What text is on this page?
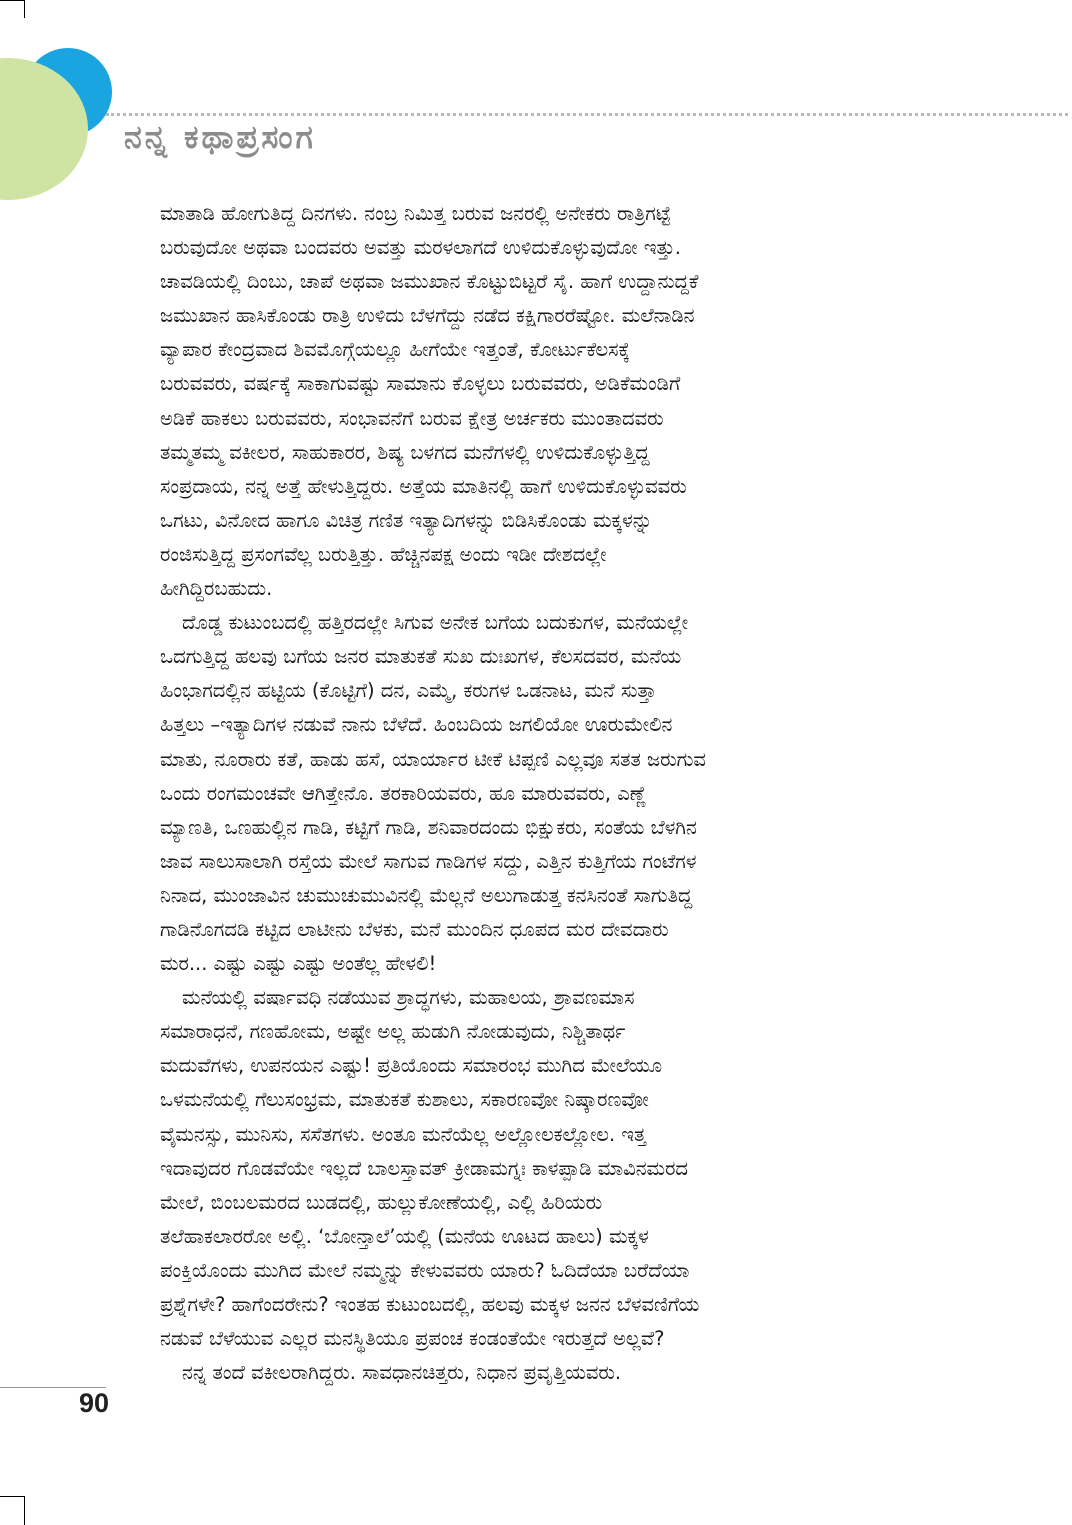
ನನ್ನ ಕಥಾಪ್ರಸಂಗ
ಮಾತಾಡಿ ಹೋಗುತಿದ್ದ ದಿನಗಳು. ನಂಬ್ರ ನಿಮಿತ್ತ ಬರುವ ಜನರಲ್ಲಿ ಅನೇಕರು ರಾತ್ರಿಗಟ್ಟೆ
ಬರುವುದೋ ಅಥವಾ ಬಂದವರು ಅವತ್ತು ಮರಳಲಾಗದೆ ಉಳಿದುಕೊಳ್ಳುವುದೋ ಇತ್ತು.
ಚಾವಡಿಯಲ್ಲಿ ದಿಂಬು, ಚಾಪೆ ಅಥವಾ ಜಮುಖಾನ ಕೊಟ್ಟುಬಿಟ್ಟರೆ ಸೈ. ಹಾಗೆ ಉದ್ದಾನುದ್ದಕೆ
ಜಮುಖಾನ ಹಾಸಿಕೊಂಡು ರಾತ್ರಿ ಉಳಿದು ಬೆಳಗೆದ್ದು ನಡೆದ ಕಕ್ಷಿಗಾರರೆಷ್ಟೋ. ಮಲೆನಾಡಿನ
ವ್ಯಾಪಾರ ಕೇಂದ್ರವಾದ ಶಿವಮೊಗ್ಗೆಯಲ್ಲೂ ಹೀಗೆಯೇ ಇತ್ತಂತೆ, ಕೋರ್ಟುಕೆಲಸಕ್ಕೆ
ಬರುವವರು, ವರ್ಷಕ್ಕೆ ಸಾಕಾಗುವಷ್ಟು ಸಾಮಾನು ಕೊಳ್ಳಲು ಬರುವವರು, ಅಡಿಕೆಮಂಡಿಗೆ
ಅಡಿಕೆ ಹಾಕಲು ಬರುವವರು, ಸಂಭಾವನೆಗೆ ಬರುವ ಕ್ಷೇತ್ರ ಅರ್ಚಕರು ಮುಂತಾದವರು
ತಮ್ಮತಮ್ಮ ವಕೀಲರ, ಸಾಹುಕಾರರ, ಶಿಷ್ಯ ಬಳಗದ ಮನೆಗಳಲ್ಲಿ ಉಳಿದುಕೊಳ್ಳುತ್ತಿದ್ದ
ಸಂಪ್ರದಾಯ, ನನ್ನ ಅತ್ತೆ ಹೇಳುತ್ತಿದ್ದರು. ಅತ್ತೆಯ ಮಾತಿನಲ್ಲಿ ಹಾಗೆ ಉಳಿದುಕೊಳ್ಳುವವರು
ಒಗಟು, ವಿನೋದ ಹಾಗೂ ವಿಚಿತ್ರ ಗಣಿತ ಇತ್ಯಾದಿಗಳನ್ನು ಬಿಡಿಸಿಕೊಂಡು ಮಕ್ಕಳನ್ನು
ರಂಜಿಸುತ್ತಿದ್ದ ಪ್ರಸಂಗವೆಲ್ಲ ಬರುತ್ತಿತ್ತು. ಹೆಚ್ಚಿನಪಕ್ಷ ಅಂದು ಇಡೀ ದೇಶದಲ್ಲೇ
ಹೀಗಿದ್ದಿರಬಹುದು.
ದೊಡ್ಡ ಕುಟುಂಬದಲ್ಲಿ ಹತ್ತಿರದಲ್ಲೇ ಸಿಗುವ ಅನೇಕ ಬಗೆಯ ಬದುಕುಗಳ, ಮನೆಯಲ್ಲೇ
ಒದಗುತ್ತಿದ್ದ ಹಲವು ಬಗೆಯ ಜನರ ಮಾತುಕತೆ ಸುಖ ದುಃಖಗಳ, ಕೆಲಸದವರ, ಮನೆಯ
ಹಿಂಭಾಗದಲ್ಲಿನ ಹಟ್ಟಿಯ (ಕೊಟ್ಟಿಗೆ) ದನ, ಎಮ್ಮೆ, ಕರುಗಳ ಒಡನಾಟ, ಮನೆ ಸುತ್ತಾ
ಹಿತ್ತಲು –ಇತ್ಯಾದಿಗಳ ನಡುವೆ ನಾನು ಬೆಳೆದೆ. ಹಿಂಬದಿಯ ಜಗಲಿಯೋ ಊರುಮೇಲಿನ
ಮಾತು, ನೂರಾರು ಕತೆ, ಹಾಡು ಹಸೆ, ಯಾರ್ಯಾರ ಟೀಕೆ ಟಿಪ್ಪಣಿ ಎಲ್ಲವೂ ಸತತ ಜರುಗುವ
ಒಂದು ರಂಗಮಂಚವೇ ಆಗಿತ್ತೇನೊ. ತರಕಾರಿಯವರು, ಹೂ ಮಾರುವವರು, ಎಣ್ಣೆ
ಮ್ಯಾಣತಿ, ಒಣಹುಲ್ಲಿನ ಗಾಡಿ, ಕಟ್ಟಿಗೆ ಗಾಡಿ, ಶನಿವಾರದಂದು ಭಿಕ್ಷುಕರು, ಸಂತೆಯ ಬೆಳಗಿನ
ಜಾವ ಸಾಲುಸಾಲಾಗಿ ರಸ್ತೆಯ ಮೇಲೆ ಸಾಗುವ ಗಾಡಿಗಳ ಸದ್ದು, ಎತ್ತಿನ ಕುತ್ತಿಗೆಯ ಗಂಟೆಗಳ
ನಿನಾದ, ಮುಂಜಾವಿನ ಚುಮುಚುಮುವಿನಲ್ಲಿ ಮೆಲ್ಲನೆ ಅಲುಗಾಡುತ್ತ ಕನಸಿನಂತೆ ಸಾಗುತಿದ್ದ
ಗಾಡಿನೊಗದಡಿ ಕಟ್ಟಿದ ಲಾಟೀನು ಬೆಳಕು, ಮನೆ ಮುಂದಿನ ಧೂಪದ ಮರ ದೇವದಾರು
ಮರ... ಎಷ್ಟು ಎಷ್ಟು ಎಷ್ಟು ಅಂತೆಲ್ಲ ಹೇಳಲಿ!
ಮನೆಯಲ್ಲಿ ವರ್ಷಾವಧಿ ನಡೆಯುವ ಶ್ರಾದ್ಧಗಳು, ಮಹಾಲಯ, ಶ್ರಾವಣಮಾಸ
ಸಮಾರಾಧನೆ, ಗಣಹೋಮ, ಅಷ್ಟೇ ಅಲ್ಲ ಹುಡುಗಿ ನೋಡುವುದು, ನಿಶ್ಚಿತಾರ್ಥ
ಮದುವೆಗಳು, ಉಪನಯನ ಎಷ್ಟು! ಪ್ರತಿಯೊಂದು ಸಮಾರಂಭ ಮುಗಿದ ಮೇಲೆಯೂ
ಒಳಮನೆಯಲ್ಲಿ ಗೆಲುಸಂಭ್ರಮ, ಮಾತುಕತೆ ಕುಶಾಲು, ಸಕಾರಣವೋ ನಿಷ್ಕಾರಣವೋ
ವೈಮನಸ್ಸು, ಮುನಿಸು, ಸಸೆತಗಳು. ಅಂತೂ ಮನೆಯೆಲ್ಲ ಅಲ್ಲೋಲಕಲ್ಲೋಲ. ಇತ್ತ
ಇದಾವುದರ ಗೊಡವೆಯೇ ಇಲ್ಲದೆ ಬಾಲಸ್ತಾವತ್ ಕ್ರೀಡಾಮಗ್ನಃ ಕಾಳಪ್ಪಾಡಿ ಮಾವಿನಮರದ
ಮೇಲೆ, ಬಿಂಬಲಮರದ ಬುಡದಲ್ಲಿ, ಹುಲ್ಲುಕೋಣೆಯಲ್ಲಿ, ಎಲ್ಲಿ ಹಿರಿಯರು
ತಲೆಹಾಕಲಾರರೋ ಅಲ್ಲಿ. ‘ಬೋನ್ತಾಲೆ’ಯಲ್ಲಿ (ಮನೆಯ ಊಟದ ಹಾಲು) ಮಕ್ಕಳ
ಪಂಕ್ತಿಯೊಂದು ಮುಗಿದ ಮೇಲೆ ನಮ್ಮನ್ನು ಕೇಳುವವರು ಯಾರು? ಓದಿದೆಯಾ ಬರೆದೆಯಾ
ಪ್ರಶ್ನೆಗಳೇ? ಹಾಗೆಂದರೇನು? ಇಂತಹ ಕುಟುಂಬದಲ್ಲಿ, ಹಲವು ಮಕ್ಕಳ ಜನನ ಬೆಳವಣಿಗೆಯ
ನಡುವೆ ಬೆಳೆಯುವ ಎಲ್ಲರ ಮನಸ್ಥಿತಿಯೂ ಪ್ರಪಂಚ ಕಂಡಂತೆಯೇ ಇರುತ್ತದೆ ಅಲ್ಲವೆ?
ನನ್ನ ತಂದೆ ವಕೀಲರಾಗಿದ್ದರು. ಸಾವಧಾನಚಿತ್ತರು, ನಿಧಾನ ಪ್ರವೃತ್ತಿಯವರು.
90
